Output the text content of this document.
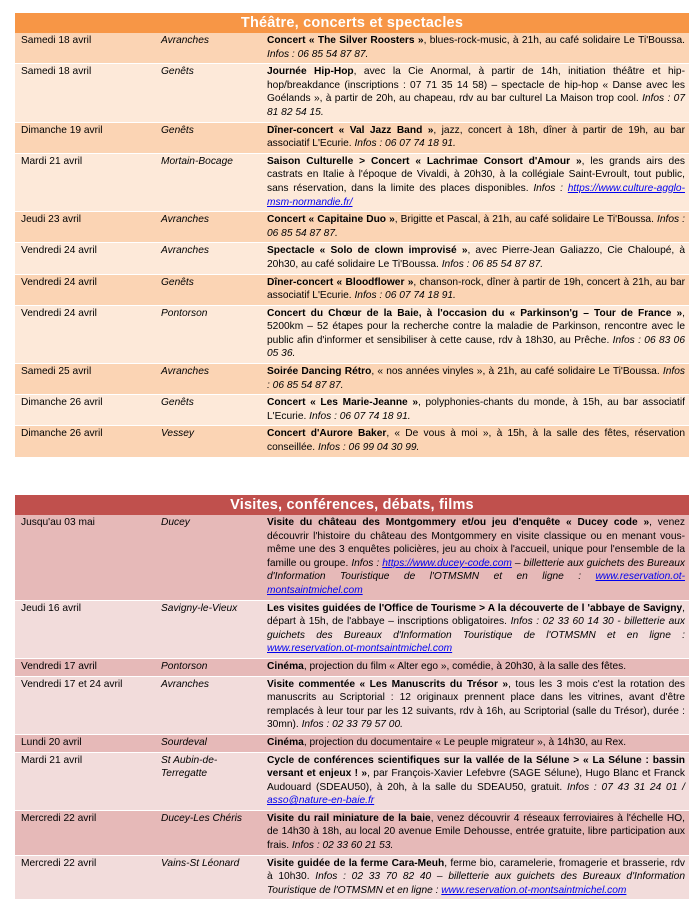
Théâtre, concerts et spectacles
Samedi 18 avril	Avranches	Concert « The Silver Roosters », blues-rock-music, à 21h, au café solidaire Le Ti'Boussa. Infos : 06 85 54 87 87.
Samedi 18 avril	Genêts	Journée Hip-Hop, avec la Cie Anormal, à partir de 14h, initiation théâtre et hip-hop/breakdance (inscriptions : 07 71 35 14 58) – spectacle de hip-hop « Danse avec les Goélands », à partir de 20h, au chapeau, rdv au bar culturel La Maison trop cool. Infos : 07 81 82 54 15.
Dimanche 19 avril	Genêts	Dîner-concert « Val Jazz Band », jazz, concert à 18h, dîner à partir de 19h, au bar associatif L'Ecurie. Infos : 06 07 74 18 91.
Mardi 21 avril	Mortain-Bocage	Saison Culturelle > Concert « Lachrimae Consort d'Amour », les grands airs des castrats en Italie à l'époque de Vivaldi, à 20h30, à la collégiale Saint-Evroult, tout public, sans réservation, dans la limite des places disponibles. Infos : https://www.culture-agglo-msm-normandie.fr/
Jeudi 23 avril	Avranches	Concert « Capitaine Duo », Brigitte et Pascal, à 21h, au café solidaire Le Ti'Boussa. Infos : 06 85 54 87 87.
Vendredi 24 avril	Avranches	Spectacle « Solo de clown improvisé », avec Pierre-Jean Galiazzo, Cie Chaloupé, à 20h30, au café solidaire Le Ti'Boussa. Infos : 06 85 54 87 87.
Vendredi 24 avril	Genêts	Dîner-concert « Bloodflower », chanson-rock, dîner à partir de 19h, concert à 21h, au bar associatif L'Ecurie. Infos : 06 07 74 18 91.
Vendredi 24 avril	Pontorson	Concert du Chœur de la Baie, à l'occasion du « Parkinson'g – Tour de France », 5200km – 52 étapes pour la recherche contre la maladie de Parkinson, rencontre avec le public afin d'informer et sensibiliser à cette cause, rdv à 18h30, au Prêche. Infos : 06 83 06 05 36.
Samedi 25 avril	Avranches	Soirée Dancing Rétro, « nos années vinyles », à 21h, au café solidaire Le Ti'Boussa. Infos : 06 85 54 87 87.
Dimanche 26 avril	Genêts	Concert « Les Marie-Jeanne », polyphonies-chants du monde, à 15h, au bar associatif L'Ecurie. Infos : 06 07 74 18 91.
Dimanche 26 avril	Vessey	Concert d'Aurore Baker, « De vous à moi », à 15h, à la salle des fêtes, réservation conseillée. Infos : 06 99 04 30 99.
Visites, conférences, débats, films
Jusqu'au 03 mai	Ducey	Visite du château des Montgommery et/ou jeu d'enquête « Ducey code », venez découvrir l'histoire du château des Montgommery en visite classique ou en menant vous-même une des 3 enquêtes policières, jeu au choix à l'accueil, unique pour l'ensemble de la famille ou groupe. Infos : https://www.ducey-code.com – billetterie aux guichets des Bureaux d'Information Touristique de l'OTMSMN et en ligne : www.reservation.ot-montsaintmichel.com
Jeudi 16 avril	Savigny-le-Vieux	Les visites guidées de l'Office de Tourisme > A la découverte de l 'abbaye de Savigny, départ à 15h, de l'abbaye – inscriptions obligatoires. Infos : 02 33 60 14 30 - billetterie aux guichets des Bureaux d'Information Touristique de l'OTMSMN et en ligne : www.reservation.ot-montsaintmichel.com
Vendredi 17 avril	Pontorson	Cinéma, projection du film « Alter ego », comédie, à 20h30, à la salle des fêtes.
Vendredi 17 et 24 avril	Avranches	Visite commentée « Les Manuscrits du Trésor », tous les 3 mois c'est la rotation des manuscrits au Scriptorial : 12 originaux prennent place dans les vitrines, avant d'être remplacés à leur tour par les 12 suivants, rdv à 16h, au Scriptorial (salle du Trésor), durée : 30mn). Infos : 02 33 79 57 00.
Lundi 20 avril	Sourdeval	Cinéma, projection du documentaire « Le peuple migrateur », à 14h30, au Rex.
Mardi 21 avril	St Aubin-de-Terregatte	Cycle de conférences scientifiques sur la vallée de la Sélune > « La Sélune : bassin versant et enjeux ! », par François-Xavier Lefebvre (SAGE Sélune), Hugo Blanc et Franck Audouard (SDEAU50), à 20h, à la salle du SDEAU50, gratuit. Infos : 07 43 31 24 01 / asso@nature-en-baie.fr
Mercredi 22 avril	Ducey-Les Chéris	Visite du rail miniature de la baie, venez découvrir 4 réseaux ferroviaires à l'échelle HO, de 14h30 à 18h, au local 20 avenue Emile Dehousse, entrée gratuite, libre participation aux frais. Infos : 02 33 60 21 53.
Mercredi 22 avril	Vains-St Léonard	Visite guidée de la ferme Cara-Meuh, ferme bio, caramelerie, fromagerie et brasserie, rdv à 10h30. Infos : 02 33 70 82 40 – billetterie aux guichets des Bureaux d'Information Touristique de l'OTMSMN et en ligne : www.reservation.ot-montsaintmichel.com
